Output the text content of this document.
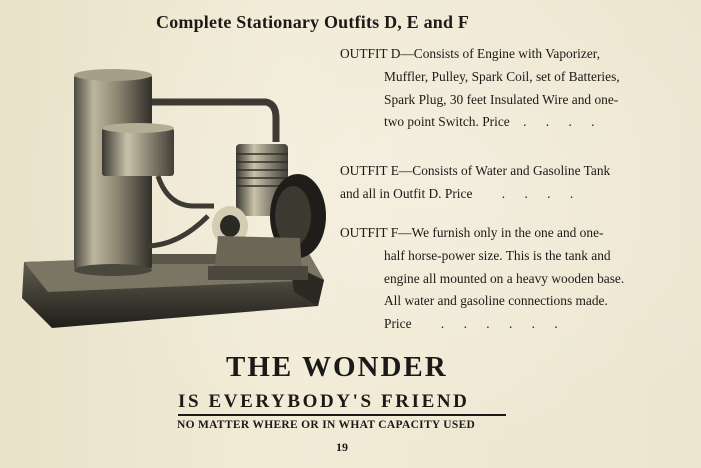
Complete Stationary Outfits D, E and F
OUTFIT D—Consists of Engine with Vaporizer,
Muffler, Pulley, Spark Coil, set of Batteries,
Spark Plug, 30 feet Insulated Wire and one-
two point Switch. Price . . . .
OUTFIT E—Consists of Water and Gasoline Tank
and all in Outfit D. Price . . . .
OUTFIT F—We furnish only in the one and one-
half horse-power size. This is the tank and
engine all mounted on a heavy wooden base.
All water and gasoline connections made.
Price . . . . . .
THE WONDER
IS EVERYBODY'S FRIEND
NO MATTER WHERE OR IN WHAT CAPACITY USED
19
